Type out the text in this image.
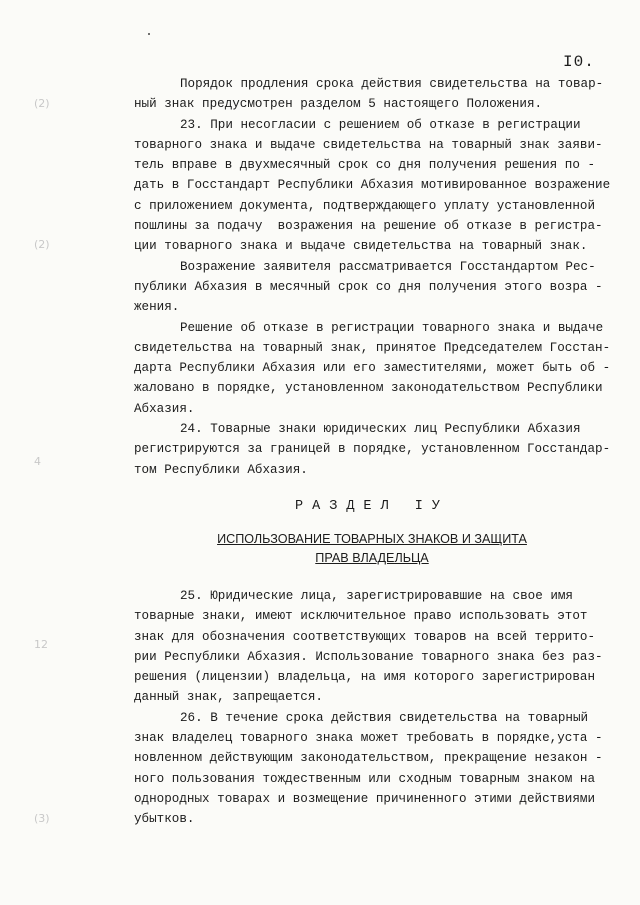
I0.
(2)
(2)
4
12
(3)
Порядок продления срока действия свидетельства на товар-
ный знак предусмотрен разделом 5 настоящего Положения.
23. При несогласии с решением об отказе в регистрации
товарного знака и выдаче свидетельства на товарный знак заяви-
тель вправе в двухмесячный срок со дня получения решения по -
дать в Госстандарт Республики Абхазия мотивированное возражение
с приложением документа, подтверждающего уплату установленной
пошлины за подачу  возражения на решение об отказе в регистра-
ции товарного знака и выдаче свидетельства на товарный знак.
Возражение заявителя рассматривается Госстандартом Рес-
публики Абхазия в месячный срок со дня получения этого возра -
жения.
Решение об отказе в регистрации товарного знака и выдаче
свидетельства на товарный знак, принятое Председателем Госстан-
дарта Республики Абхазия или его заместителями, может быть об -
жаловано в порядке, установленном законодательством Республики
Абхазия.
24. Товарные знаки юридических лиц Республики Абхазия
регистрируются за границей в порядке, установленном Госстандар-
том Республики Абхазия.
РАЗДЕЛ IУ
ИСПОЛЬЗОВАНИЕ ТОВАРНЫХ ЗНАКОВ И ЗАЩИТА
ПРАВ ВЛАДЕЛЬЦА
25. Юридические лица, зарегистрировавшие на свое имя
товарные знаки, имеют исключительное право использовать этот
знак для обозначения соответствующих товаров на всей террито-
рии Республики Абхазия. Использование товарного знака без раз-
решения (лицензии) владельца, на имя которого зарегистрирован
данный знак, запрещается.
26. В течение срока действия свидетельства на товарный
знак владелец товарного знака может требовать в порядке,уста -
новленном действующим законодательством, прекращение незакон -
ного пользования тождественным или сходным товарным знаком на
однородных товарах и возмещение причиненного этими действиями
убытков.
